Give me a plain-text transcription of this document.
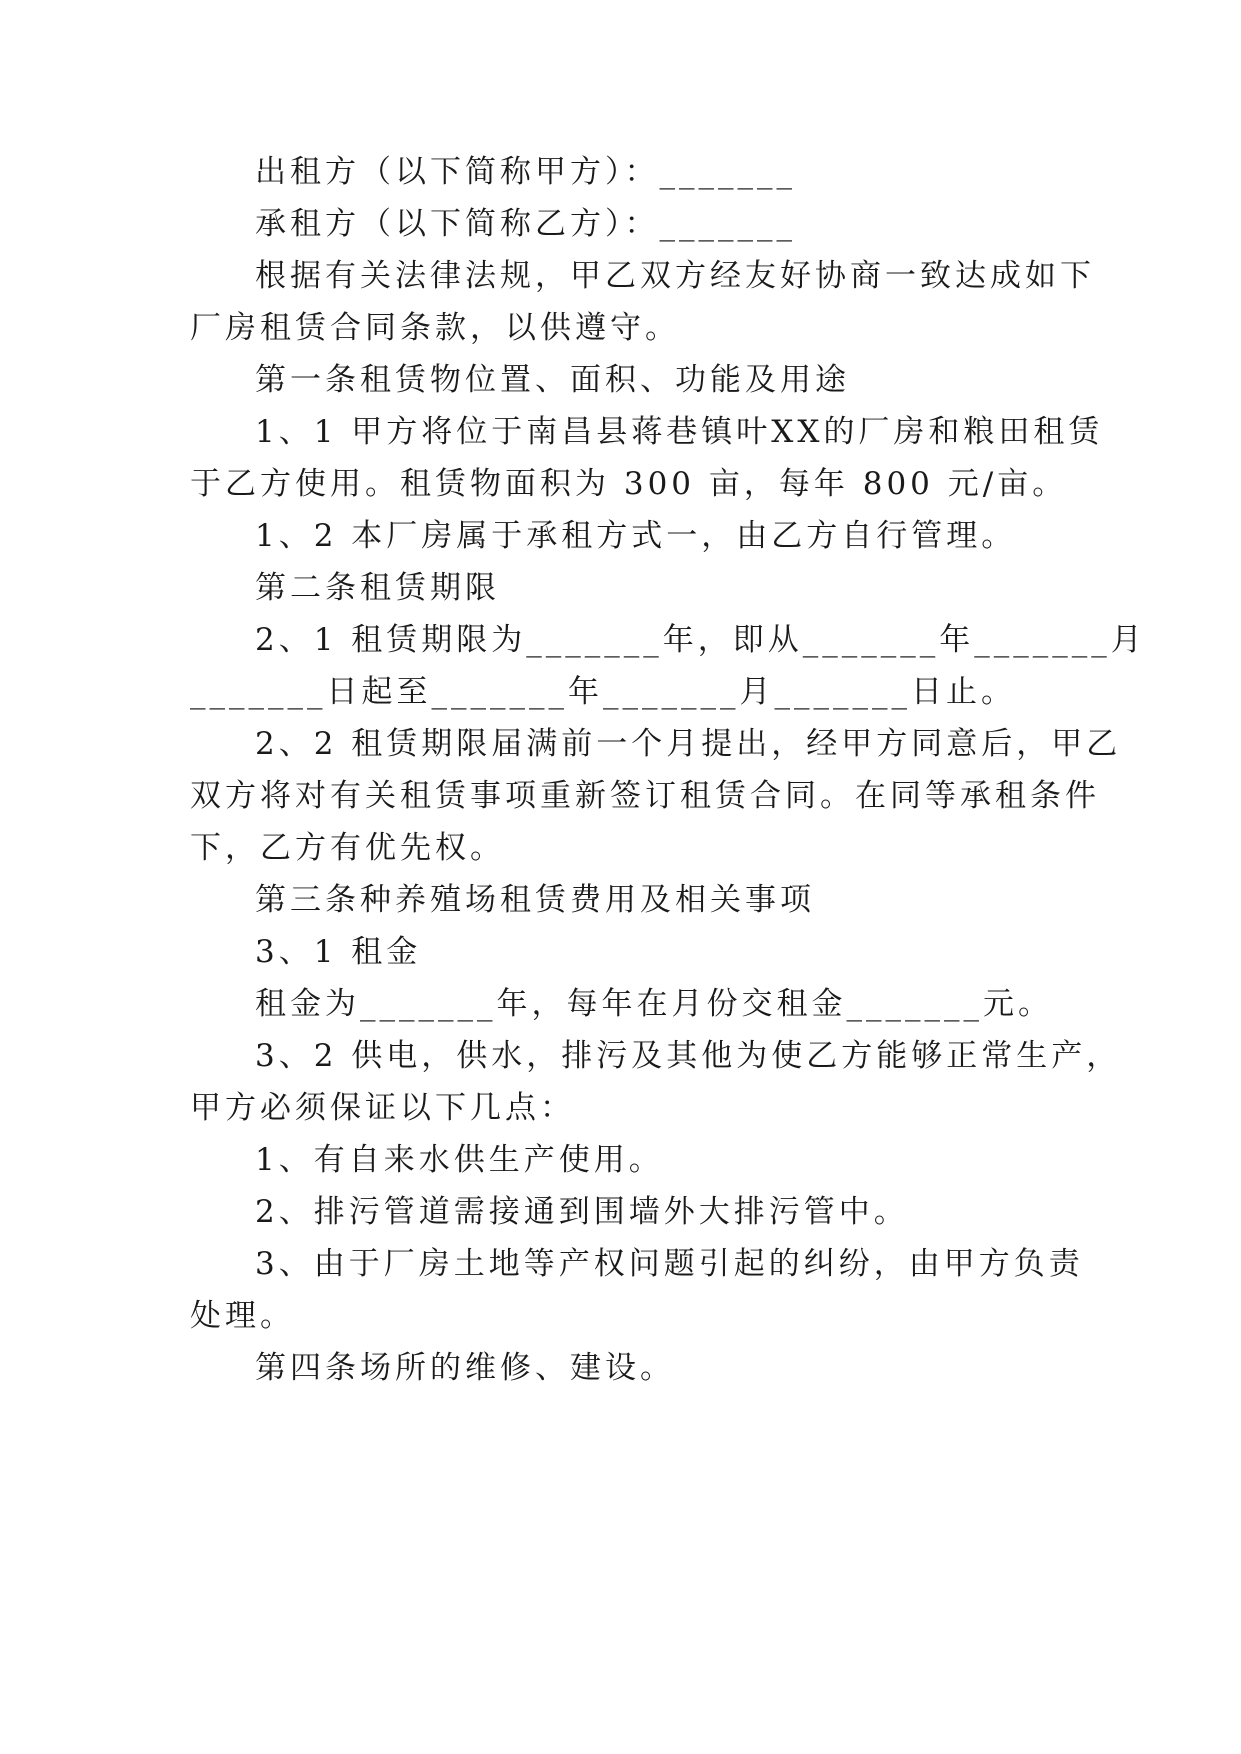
出租方（以下简称甲方）：_______

承租方（以下简称乙方）：_______

根据有关法律法规，甲乙双方经友好协商一致达成如下

厂房租赁合同条款，以供遵守。

第一条租赁物位置、面积、功能及用途

1、1 甲方将位于南昌县蒋巷镇叶XX的厂房和粮田租赁

于乙方使用。租赁物面积为 300 亩，每年 800 元/亩。

1、2 本厂房属于承租方式一，由乙方自行管理。

第二条租赁期限

2、1 租赁期限为_______年，即从_______年_______月

_______日起至_______年_______月_______日止。

2、2 租赁期限届满前一个月提出，经甲方同意后，甲乙

双方将对有关租赁事项重新签订租赁合同。在同等承租条件

下，乙方有优先权。

第三条种养殖场租赁费用及相关事项

3、1 租金

租金为_______年，每年在月份交租金_______元。

3、2 供电，供水，排污及其他为使乙方能够正常生产，

甲方必须保证以下几点：

1、有自来水供生产使用。

2、排污管道需接通到围墙外大排污管中。

3、由于厂房土地等产权问题引起的纠纷，由甲方负责

处理。

第四条场所的维修、建设。
